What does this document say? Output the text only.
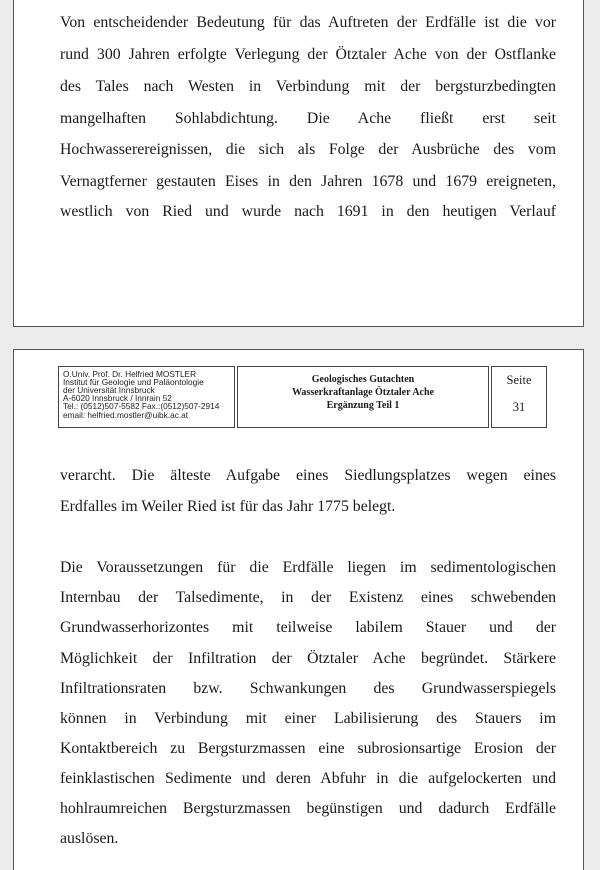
Von entscheidender Bedeutung für das Auftreten der Erdfälle ist die vor
rund 300 Jahren erfolgte Verlegung der Ötztaler Ache von der Ostflanke
des Tales nach Westen in Verbindung mit der bergsturzbedingten
mangelhaften Sohlabdichtung. Die Ache fließt erst seit
Hochwasserereignissen, die sich als Folge der Ausbrüche des vom
Vernagtferner gestauten Eises in den Jahren 1678 und 1679 ereigneten,
westlich von Ried und wurde nach 1691 in den heutigen Verlauf
O.Univ. Prof. Dr. Helfried MOSTLER
Institut für Geologie und Paläontologie
der Universität Innsbruck
A-6020 Innsbruck / Innrain 52
Tel.: (0512)507-5582 Fax.:(0512)507-2914
email: helfried.mostler@uibk.ac.at
Geologisches Gutachten
Wasserkraftanlage Ötztaler Ache
Ergänzung Teil 1
Seite
31
verarcht. Die älteste Aufgabe eines Siedlungsplatzes wegen eines
Erdfalles im Weiler Ried ist für das Jahr 1775 belegt.
Die Voraussetzungen für die Erdfälle liegen im sedimentologischen
Internbau der Talsedimente, in der Existenz eines schwebenden
Grundwasserhorizontes mit teilweise labilem Stauer und der
Möglichkeit der Infiltration der Ötztaler Ache begründet. Stärkere
Infiltrationsraten bzw. Schwankungen des Grundwasserspiegels
können in Verbindung mit einer Labilisierung des Stauers im
Kontaktbereich zu Bergsturzmassen eine subrosionsartige Erosion der
feinklastischen Sedimente und deren Abfuhr in die aufgelockerten und
hohlraumreichen Bergsturzmassen begünstigen und dadurch Erdfälle
auslösen.
